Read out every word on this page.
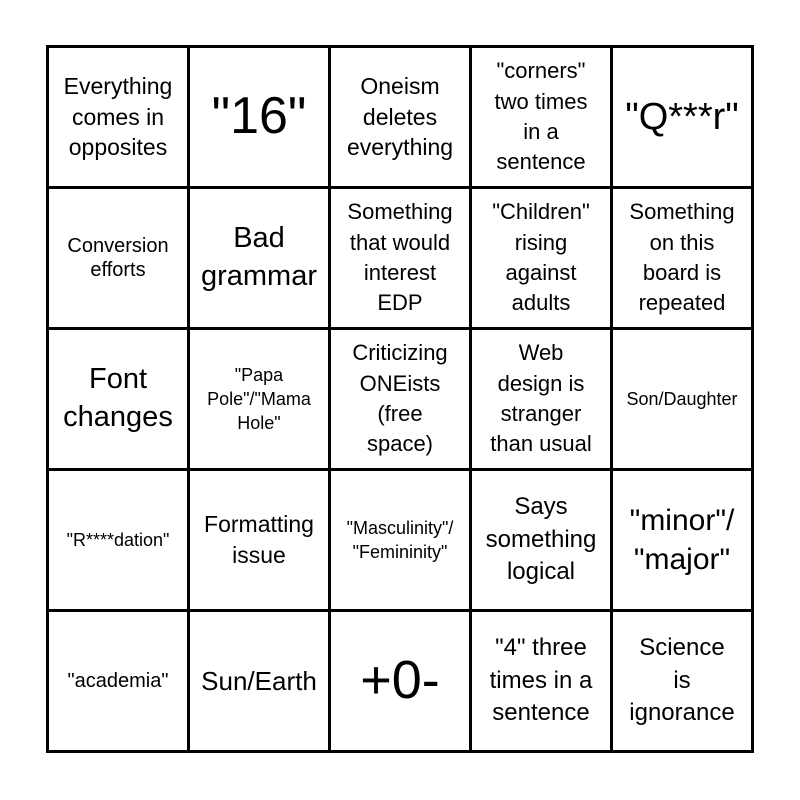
Everything
comes in
opposites
"16"
Oneism
deletes
everything
"corners"
two times
in a
sentence
"Q***r"
Conversion
efforts
Bad
grammar
Something
that would
interest
EDP
"Children"
rising
against
adults
Something
on this
board is
repeated
Font
changes
"Papa
Pole"/"Mama
Hole"
Criticizing
ONEists
(free
space)
Web
design is
stranger
than usual
Son/Daughter
"R****dation"
Formatting
issue
"Masculinity"/
"Femininity"
Says
something
logical
"minor"/
"major"
"academia" Sun/Earth +0-
"4" three
times in a
sentence
Science
is
ignorance
